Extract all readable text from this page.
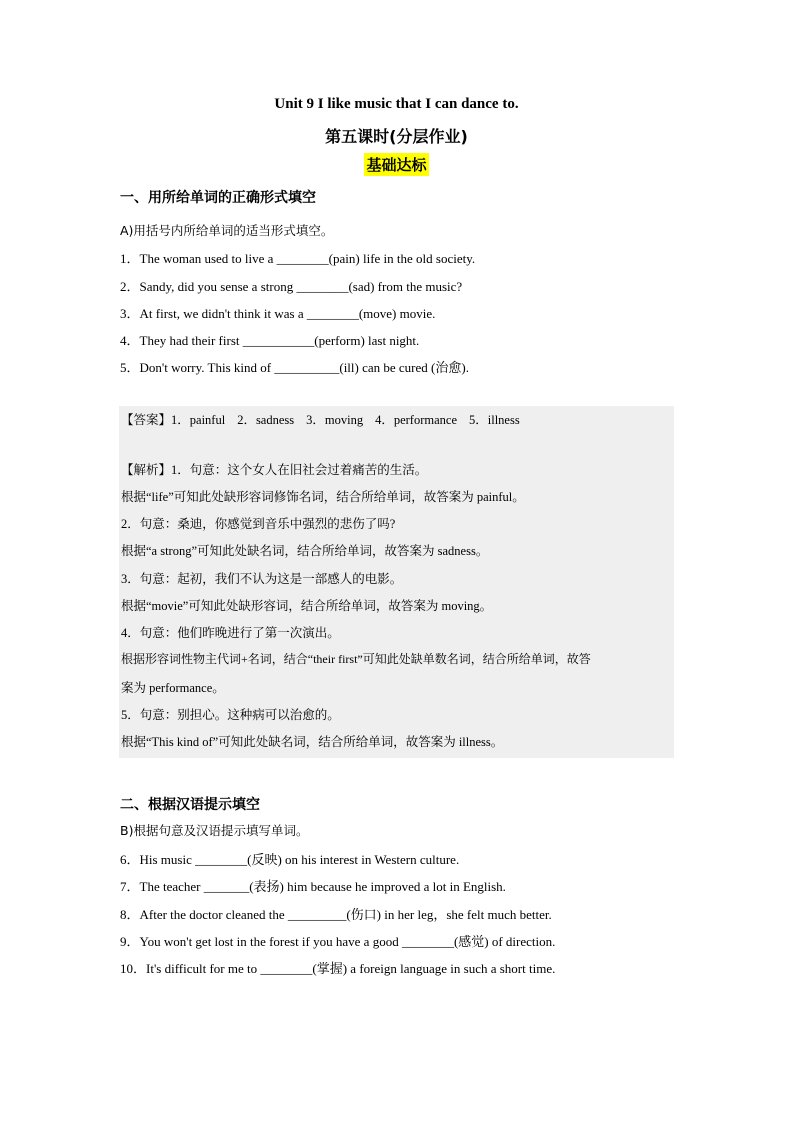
Unit 9 I like music that I can dance to.
第五课时(分层作业)
基础达标
一、用所给单词的正确形式填空
A)用括号内所给单词的适当形式填空。
1．The woman used to live a ________(pain) life in the old society.
2．Sandy, did you sense a strong ________(sad) from the music?
3．At first, we didn't think it was a ________(move) movie.
4．They had their first ___________(perform) last night.
5．Don't worry. This kind of __________(ill) can be cured (治愈).
【答案】1．painful 2．sadness 3．moving 4．performance 5．illness
【解析】1．句意：这个女人在旧社会过着痛苦的生活。
根据“life”可知此处缺形容词修饰名词，结合所给单词，故答案为 painful。
2．句意：桑迪，你感觉到音乐中强烈的悲伤了吗?
根据“a strong”可知此处缺名词，结合所给单词，故答案为 sadness。
3．句意：起初，我们不认为这是一部感人的电影。
根据“movie”可知此处缺形容词，结合所给单词，故答案为 moving。
4．句意：他们昨晚进行了第一次演出。
根据形容词性物主代词+名词，结合“their first”可知此处缺单数名词，结合所给单词，故答
案为 performance。
5．句意：别担心。这种病可以治愈的。
根据“This kind of”可知此处缺名词，结合所给单词，故答案为 illness。
二、根据汉语提示填空
B)根据句意及汉语提示填写单词。
6．His music ________(反映) on his interest in Western culture.
7．The teacher _______(表扬) him because he improved a lot in English.
8．After the doctor cleaned the _________(伤口) in her leg，she felt much better.
9．You won't get lost in the forest if you have a good ________(感觉) of direction.
10．It's difficult for me to ________(掌握) a foreign language in such a short time.
